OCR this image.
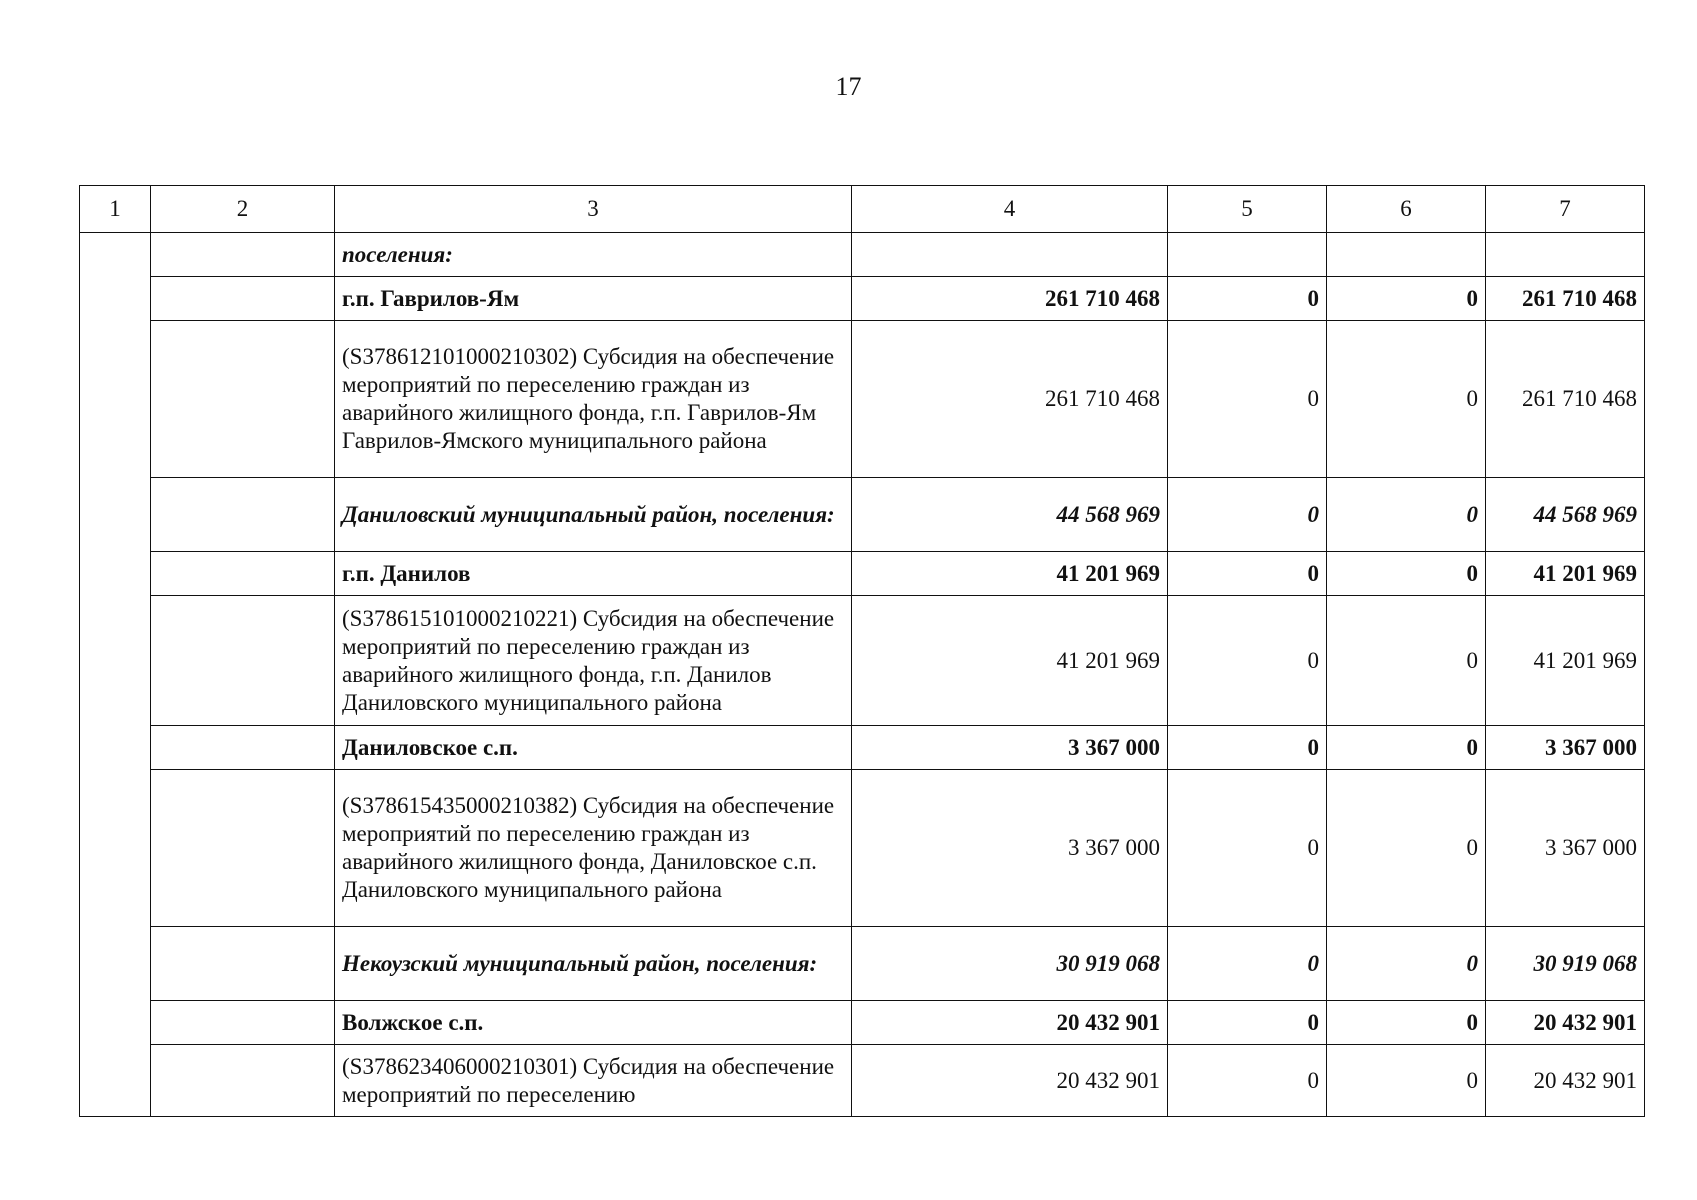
17
1	2	3	4	5	6	7
		поселения:				
		г.п. Гаврилов-Ям	261 710 468	0	0	261 710 468
		(S378612101000210302) Субсидия на обеспечение мероприятий по переселению граждан из аварийного жилищного фонда, г.п. Гаврилов-Ям Гаврилов-Ямского муниципального района	261 710 468	0	0	261 710 468
		Даниловский муниципальный район, поселения:	44 568 969	0	0	44 568 969
		г.п. Данилов	41 201 969	0	0	41 201 969
		(S378615101000210221) Субсидия на обеспечение мероприятий по переселению граждан из аварийного жилищного фонда, г.п. Данилов Даниловского муниципального района	41 201 969	0	0	41 201 969
		Даниловское с.п.	3 367 000	0	0	3 367 000
		(S378615435000210382) Субсидия на обеспечение мероприятий по переселению граждан из аварийного жилищного фонда, Даниловское с.п. Даниловского муниципального района	3 367 000	0	0	3 367 000
		Некоузский муниципальный район, поселения:	30 919 068	0	0	30 919 068
		Волжское с.п.	20 432 901	0	0	20 432 901
		(S378623406000210301) Субсидия на обеспечение мероприятий по переселению	20 432 901	0	0	20 432 901
